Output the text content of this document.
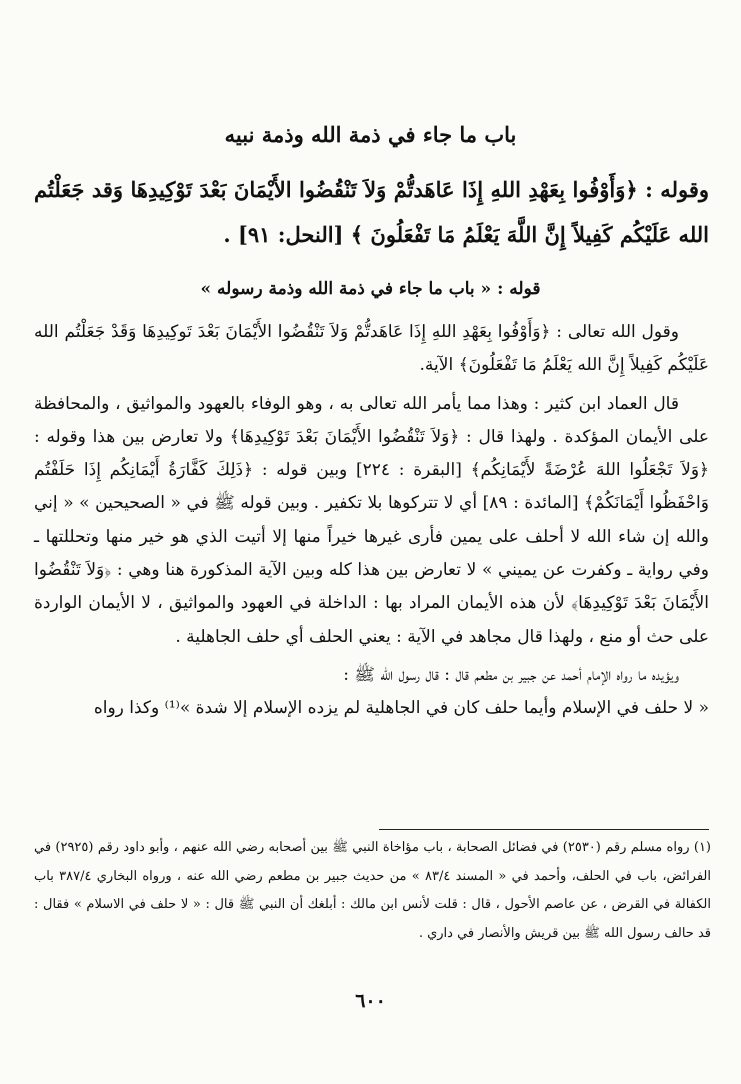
باب ما جاء في ذمة الله وذمة نبيه
وقوله : ﴿وَأَوْفُوا بِعَهْدِ اللهِ إِذَا عَاهَدتُّمْ وَلاَ تَنْقُضُوا الأَيْمَانَ بَعْدَ تَوْكِيدِهَا وَقد جَعَلْتُم الله عَلَيْكُم كَفِيلاً إِنَّ اللَّهَ يَعْلَمُ مَا تَفْعَلُونَ ﴾ [النحل: ٩١] .
قوله : « باب ما جاء في ذمة الله وذمة رسوله »

وقول الله تعالى : ﴿وَأَوْفُوا بِعَهْدِ اللهِ إِذَا عَاهَدتُّمْ وَلاَ تَنْقُضُوا الأَيْمَانَ بَعْدَ تَوكِيدِهَا وَقَدْ جَعَلْتُم الله عَلَيْكُم كَفِيلاً إِنَّ الله يَعْلَمُ مَا تَفْعَلُونَ﴾ الآية.

قال العماد ابن كثير : وهذا مما يأمر الله تعالى به ، وهو الوفاء بالعهود والمواثيق ، والمحافظة على الأيمان المؤكدة . ولهذا قال : ﴿وَلاَ تَنْقُضُوا الأَيْمَانَ بَعْدَ تَوْكِيدِهَا﴾ ولا تعارض بين هذا وقوله : ﴿وَلاَ تَجْعَلُوا اللهَ عُرْضَةً لأَيْمَانِكُم﴾ [البقرة : ٢٢٤] وبين قوله : ﴿ذَلِكَ كَفَّارَةُ أَيْمَانِكُم إِذَا حَلَفْتُم وَاحْفَظُوا أَيْمَانَكُمْ﴾ [المائدة : ٨٩] أي لا تتركوها بلا تكفير . وبين قوله ﷺ في « الصحيحين » « إني والله إن شاء الله لا أحلف على يمين فأرى غيرها خيراً منها إلا أتيت الذي هو خير منها وتحللتها ـ وفي رواية ـ وكفرت عن يميني » لا تعارض بين هذا كله وبين الآية المذكورة هنا وهي : ﴿وَلاَ تَنْقُضُوا الأَيْمَانَ بَعْدَ تَوْكِيدِهَا﴾ لأن هذه الأيمان المراد بها : الداخلة في العهود والمواثيق ، لا الأيمان الواردة على حث أو منع ، ولهذا قال مجاهد في الآية : يعني الحلف أي حلف الجاهلية .

ويؤيده ما رواه الإمام أحمد عن جبير بن مطعم قال : قال رسول الله ﷺ :

« لا حلف في الإسلام وأيما حلف كان في الجاهلية لم يزده الإسلام إلا شدة »⁽¹⁾ وكذا رواه

(١) رواه مسلم رقم (٢٥٣٠) في فضائل الصحابة ، باب مؤاخاة النبي ﷺ بين أصحابه رضي الله عنهم ، وأبو داود رقم (٢٩٢٥) في الفرائض، باب في الحلف، وأحمد في « المسند ٨٣/٤ » من حديث جبير بن مطعم رضي الله عنه ، ورواه البخاري ٣٨٧/٤ باب الكفالة في القرض ، عن عاصم الأحول ، قال : قلت لأنس ابن مالك : أبلغك أن النبي ﷺ قال : « لا حلف في الاسلام » فقال : قد حالف رسول الله ﷺ بين قريش والأنصار في داري .

٦٠٠
